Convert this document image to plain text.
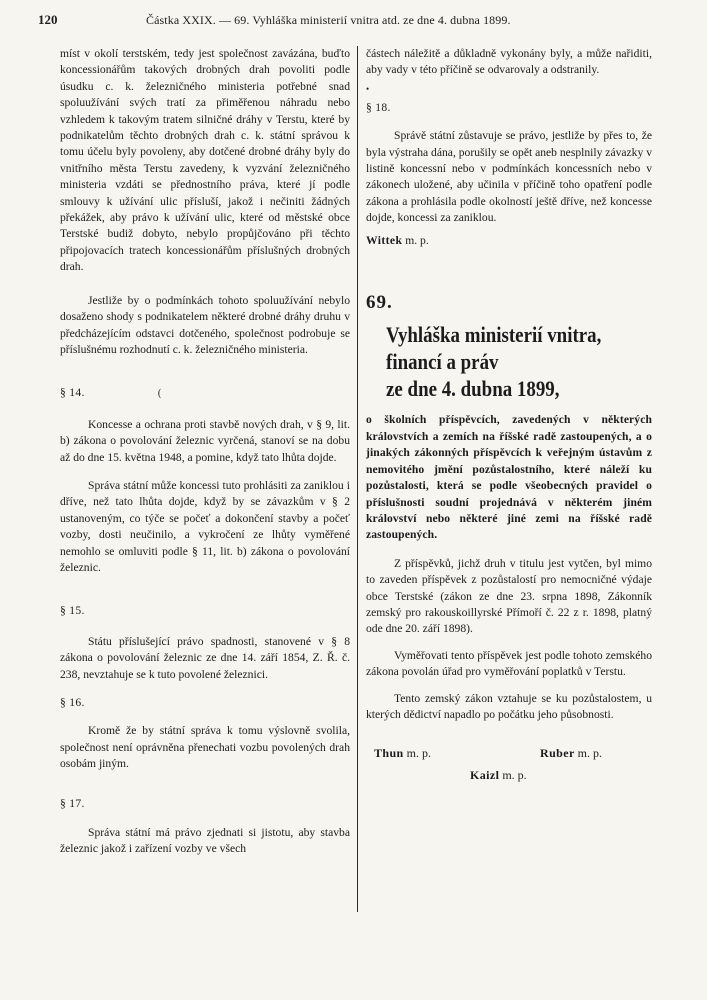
120	Částka XXIX. — 69. Vyhláška ministerií vnitra atd. ze dne 4. dubna 1899.

míst v okolí terstském, tedy jest společnost zavázána, buďto koncessionářům takových drobných drah povoliti podle úsudku c. k. železničného ministeria potřebné snad spoluužívání svých tratí za přiměřenou náhradu nebo vzhledem k takovým tratem silničné dráhy v Terstu, které by podnikatelům těchto drobných drah c. k. státní správou k tomu účelu byly povoleny, aby dotčené drobné dráhy byly do vnitřního města Terstu zavedeny, k vyzvání železničného ministeria vzdáti se přednostního práva, které jí podle smlouvy k užívání ulic přísluší, jakož i nečiniti žádných překážek, aby právo k užívání ulic, které od městské obce Terstské budiž dobyto, nebylo propůjčováno při těchto připojovacích tratech koncessionářům příslušných drobných drah.

Jestliže by o podmínkách tohoto spoluužívání nebylo dosaženo shody s podnikatelem některé drobné dráhy druhu v předcházejícím odstavci dotčeného, společnost podrobuje se příslušnému rozhodnutí c. k. železničného ministeria.

§ 14.	(

Koncesse a ochrana proti stavbě nových drah, v § 9, lit. b) zákona o povolování železnic vyrčená, stanoví se na dobu až do dne 15. května 1948, a pomine, když tato lhůta dojde.

Správa státní může koncessi tuto prohlásiti za zaniklou i dříve, než tato lhůta dojde, když by se závazkům v § 2 ustanoveným, co týče se počeť a dokončení stavby a počeť vozby, dosti neučinilo, a vykročení ze lhůty vyměřené nemohlo se omluviti podle § 11, lit. b) zákona o povolování železnic.

§ 15.

Státu příslušející právo spadnosti, stanovené v § 8 zákona o povolování železnic ze dne 14. září 1854, Z. Ř. č. 238, nevztahuje se k tuto povolené železnici.

§ 16.

Kromě že by státní správa k tomu výslovně svolila, společnost není oprávněna přenechati vozbu povolených drah osobám jiným.

§ 17.

Správa státní má právo zjednati si jistotu, aby stavba železnic jakož i zařízení vozby ve všech

částech náležitě a důkladně vykonány byly, a může nařiditi, aby vady v této příčině se odvarovaly a odstranily.

•

§ 18.

Správě státní zůstavuje se právo, jestliže by přes to, že byla výstraha dána, porušily se opět aneb nesplnily závazky v listině koncessní nebo v podmínkách koncessních nebo v zákonech uložené, aby učinila v příčině toho opatření podle zákona a prohlásila podle okolností ještě dříve, než koncesse dojde, koncessi za zaniklou.

Wittek m. p.

69.

Vyhláška ministerií vnitra,

financí a práv

ze dne 4. dubna 1899,

o školních příspěvcích, zavedených v některých královstvích a zemích na říšské radě zastoupených, a o jinakých zákonných příspěvcích k veřejným ústavům z nemovitého jmění pozůstalostního, které náleží ku pozůstalosti, která se podle všeobecných pravidel o příslušnosti soudní projednává v některém jiném království nebo některé jiné zemi na říšské radě zastoupených.

Z příspěvků, jichž druh v titulu jest vytčen, byl mimo to zaveden příspěvek z pozůstalostí pro nemocničné výdaje obce Terstské (zákon ze dne 23. srpna 1898, Zákonník zemský pro rakouskoillyrské Přímoří č. 22 z r. 1898, platný ode dne 20. září 1898).

Vyměřovati tento příspěvek jest podle tohoto zemského zákona povolán úřad pro vyměřování poplatků v Terstu.

Tento zemský zákon vztahuje se ku pozůstalostem, u kterých dědictví napadlo po počátku jeho působnosti.

Thun m. p.	Ruber m. p.
Kaizl m. p.
